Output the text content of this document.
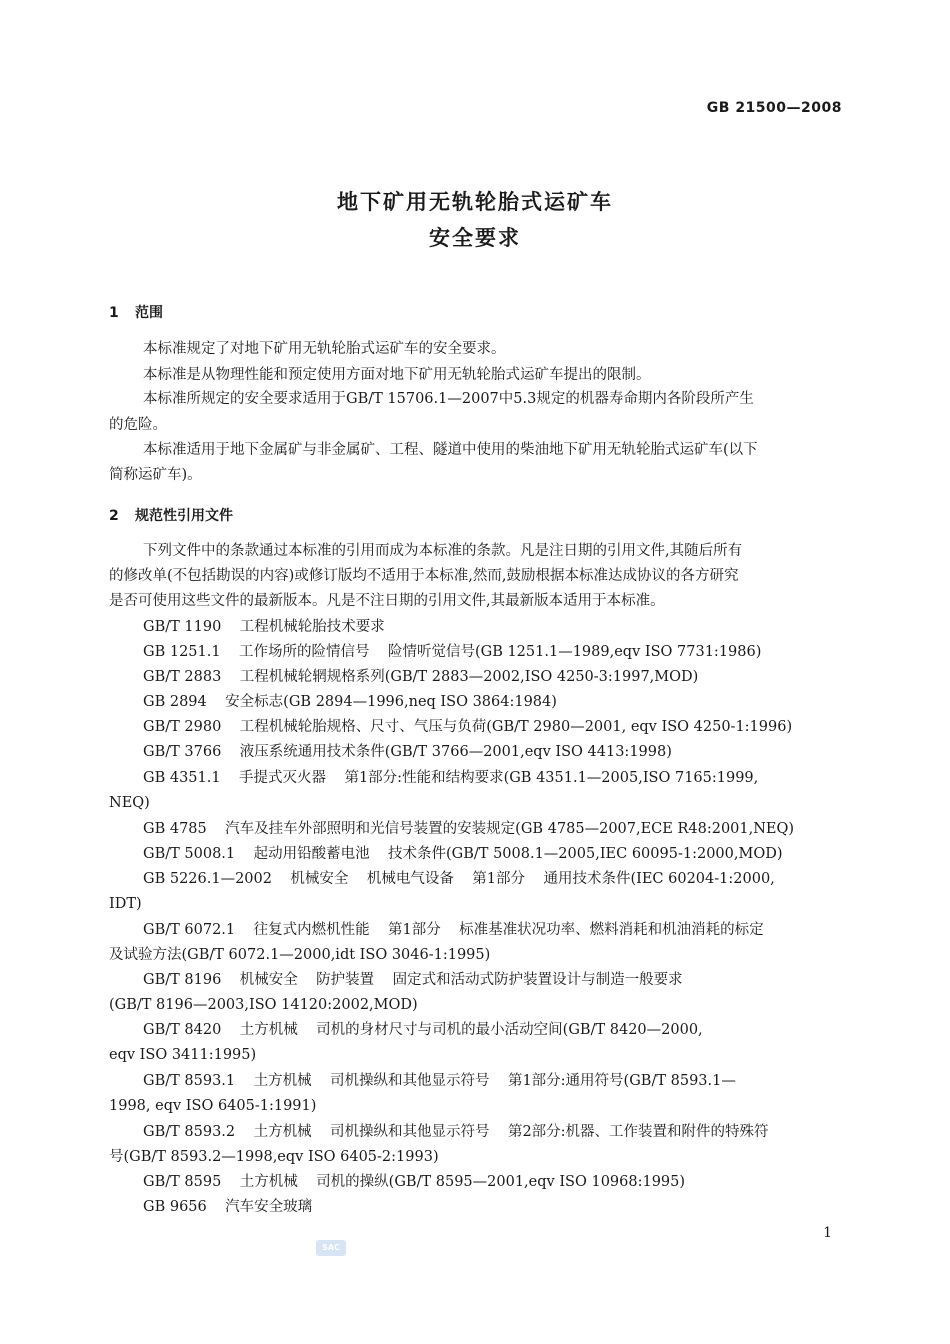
GB 21500—2008
地下矿用无轨轮胎式运矿车
安全要求
1 范围
本标准规定了对地下矿用无轨轮胎式运矿车的安全要求。
本标准是从物理性能和预定使用方面对地下矿用无轨轮胎式运矿车提出的限制。
本标准所规定的安全要求适用于GB/T 15706.1—2007中5.3规定的机器寿命期内各阶段所产生
的危险。
本标准适用于地下金属矿与非金属矿、工程、隧道中使用的柴油地下矿用无轨轮胎式运矿车(以下
简称运矿车)。
2 规范性引用文件
下列文件中的条款通过本标准的引用而成为本标准的条款。凡是注日期的引用文件,其随后所有
的修改单(不包括勘误的内容)或修订版均不适用于本标准,然而,鼓励根据本标准达成协议的各方研究
是否可使用这些文件的最新版本。凡是不注日期的引用文件,其最新版本适用于本标准。
GB/T 1190    工程机械轮胎技术要求
GB 1251.1    工作场所的险情信号    险情听觉信号(GB 1251.1—1989,eqv ISO 7731:1986)
GB/T 2883    工程机械轮辋规格系列(GB/T 2883—2002,ISO 4250-3:1997,MOD)
GB 2894    安全标志(GB 2894—1996,neq ISO 3864:1984)
GB/T 2980    工程机械轮胎规格、尺寸、气压与负荷(GB/T 2980—2001, eqv ISO 4250-1:1996)
GB/T 3766    液压系统通用技术条件(GB/T 3766—2001,eqv ISO 4413:1998)
GB 4351.1    手提式灭火器    第1部分:性能和结构要求(GB 4351.1—2005,ISO 7165:1999,
NEQ)
GB 4785    汽车及挂车外部照明和光信号装置的安装规定(GB 4785—2007,ECE R48:2001,NEQ)
GB/T 5008.1    起动用铅酸蓄电池    技术条件(GB/T 5008.1—2005,IEC 60095-1:2000,MOD)
GB 5226.1—2002    机械安全    机械电气设备    第1部分    通用技术条件(IEC 60204-1:2000,
IDT)
GB/T 6072.1    往复式内燃机性能    第1部分    标准基准状况功率、燃料消耗和机油消耗的标定
及试验方法(GB/T 6072.1—2000,idt ISO 3046-1:1995)
GB/T 8196    机械安全    防护装置    固定式和活动式防护装置设计与制造一般要求
(GB/T 8196—2003,ISO 14120:2002,MOD)
GB/T 8420    土方机械    司机的身材尺寸与司机的最小活动空间(GB/T 8420—2000,
eqv ISO 3411:1995)
GB/T 8593.1    土方机械    司机操纵和其他显示符号    第1部分:通用符号(GB/T 8593.1—
1998, eqv ISO 6405-1:1991)
GB/T 8593.2    土方机械    司机操纵和其他显示符号    第2部分:机器、工作装置和附件的特殊符
号(GB/T 8593.2—1998,eqv ISO 6405-2:1993)
GB/T 8595    土方机械    司机的操纵(GB/T 8595—2001,eqv ISO 10968:1995)
GB 9656    汽车安全玻璃
1
SAC
